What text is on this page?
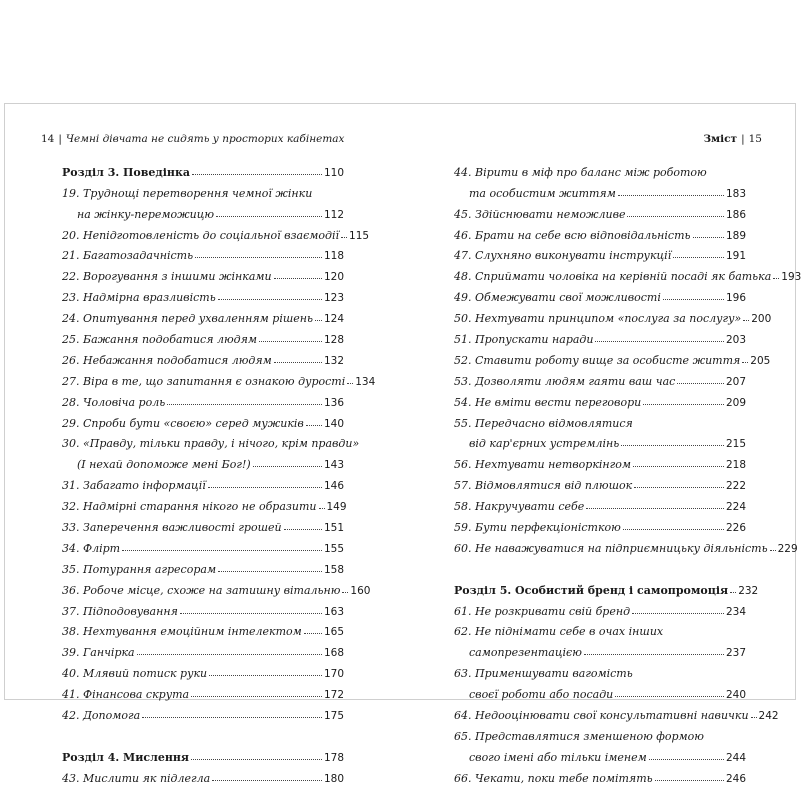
14 | Чемні дівчата не сидять у просторих кабінетах	Зміст | 15
Розділ 3. Поведінка	110
19. Труднощі перетворення чемної жінки
на жінку-переможицю	112
20. Непідготовленість до соціальної взаємодії 115
21. Багатозадачність	118
22. Ворогування з іншими жінками	120
23. Надмірна вразливість	123
24. Опитування перед ухваленням рішень 124
25. Бажання подобатися людям	128
26. Небажання подобатися людям	132
27. Віра в те, що запитання є ознакою дурості 134
28. Чоловіча роль	136
29. Спроби бути «своєю» серед мужиків 140
30. «Правду, тільки правду, і нічого, крім правди»
(І нехай допоможе мені Бог!)	143
31. Забагато інформації	146
32. Надмірні старання нікого не образити 149
33. Заперечення важливості грошей	151
34. Флірт	155
35. Потурання агресорам	158
36. Робоче місце, схоже на затишну вітальню 160
37. Підподовування	163
38. Нехтування емоційним інтелектом 165
39. Ганчірка	168
40. Млявий потиск руки	170
41. Фінансова скрута	172
42. Допомога	175
Розділ 4. Мислення	178
43. Мислити як підлегла	180
44. Вірити в міф про баланс між роботою
та особистим життям	183
45. Здійснювати неможливе	186
46. Брати на себе всю відповідальність	189
47. Слухняно виконувати інструкції	191
48. Сприймати чоловіка на керівній посаді як батька 193
49. Обмежувати свої можливості	196
50. Нехтувати принципом «послуга за послугу» 200
51. Пропускати наради	203
52. Ставити роботу вище за особисте життя 205
53. Дозволяти людям гаяти ваш час	207
54. Не вміти вести переговори	209
55. Передчасно відмовлятися
від кар'єрних устремлінь	215
56. Нехтувати нетворкінгом	218
57. Відмовлятися від плюшок	222
58. Накручувати себе	224
59. Бути перфекціоністкою	226
60. Не наважуватися на підприємницьку діяльність 229
Розділ 5. Особистий бренд і самопромоція 232
61. Не розкривати свій бренд	234
62. Не піднімати себе в очах інших
самопрезентацією	237
63. Применшувати вагомість
своєї роботи або посади	240
64. Недооцінювати свої консультативні навички 242
65. Представлятися зменшеною формою
свого імені або тільки іменем	244
66. Чекати, поки тебе помітять	246
